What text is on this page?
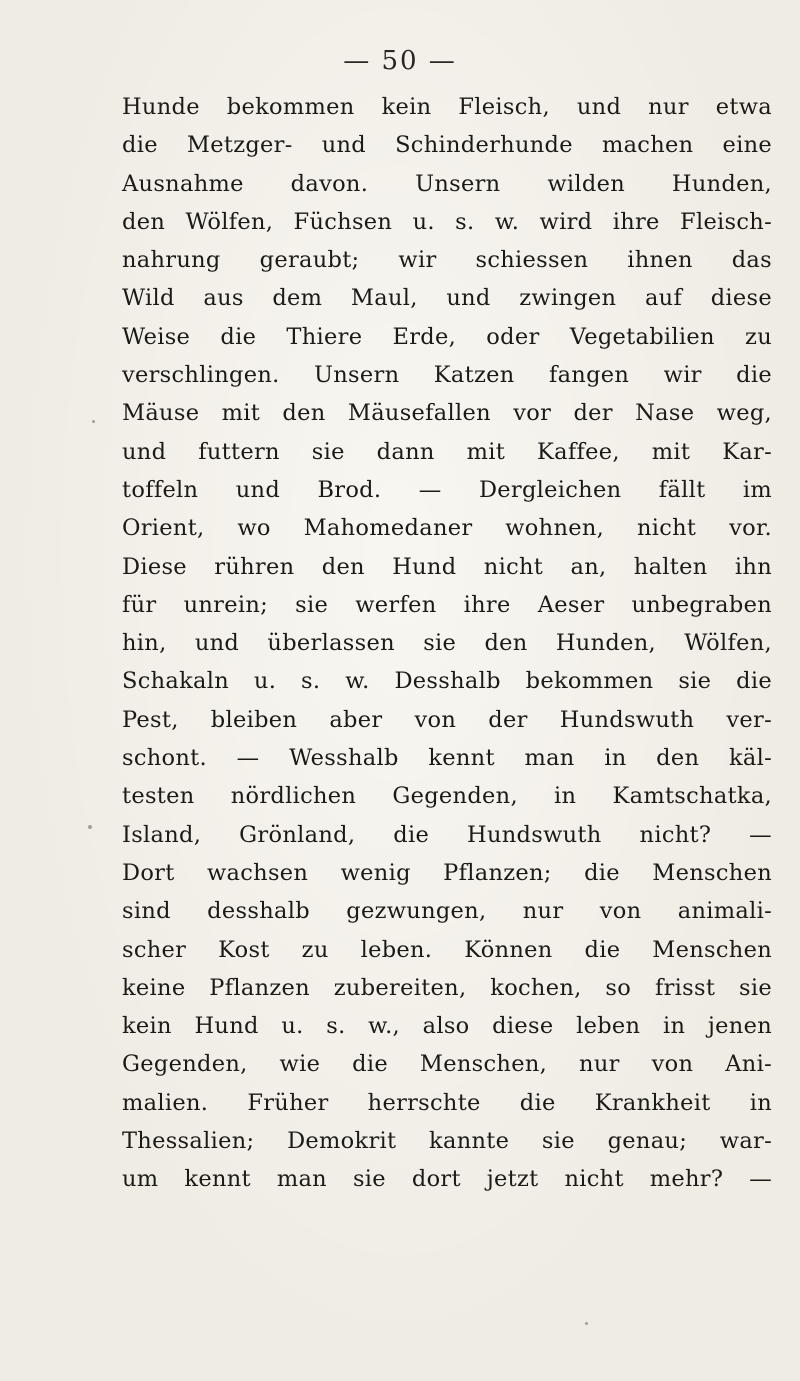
— 50 —
Hunde bekommen kein Fleisch, und nur etwa
die Metzger- und Schinderhunde machen eine
Ausnahme davon. Unsern wilden Hunden,
den Wölfen, Füchsen u. s. w. wird ihre Fleisch-
nahrung geraubt; wir schiessen ihnen das
Wild aus dem Maul, und zwingen auf diese
Weise die Thiere Erde, oder Vegetabilien zu
verschlingen. Unsern Katzen fangen wir die
Mäuse mit den Mäusefallen vor der Nase weg,
und futtern sie dann mit Kaffee, mit Kar-
toffeln und Brod. — Dergleichen fällt im
Orient, wo Mahomedaner wohnen, nicht vor.
Diese rühren den Hund nicht an, halten ihn
für unrein; sie werfen ihre Aeser unbegraben
hin, und überlassen sie den Hunden, Wölfen,
Schakaln u. s. w. Desshalb bekommen sie die
Pest, bleiben aber von der Hundswuth ver-
schont. — Wesshalb kennt man in den käl-
testen nördlichen Gegenden, in Kamtschatka,
Island, Grönland, die Hundswuth nicht? —
Dort wachsen wenig Pflanzen; die Menschen
sind desshalb gezwungen, nur von animali-
scher Kost zu leben. Können die Menschen
keine Pflanzen zubereiten, kochen, so frisst sie
kein Hund u. s. w., also diese leben in jenen
Gegenden, wie die Menschen, nur von Ani-
malien. Früher herrschte die Krankheit in
Thessalien; Demokrit kannte sie genau; war-
um kennt man sie dort jetzt nicht mehr? —
